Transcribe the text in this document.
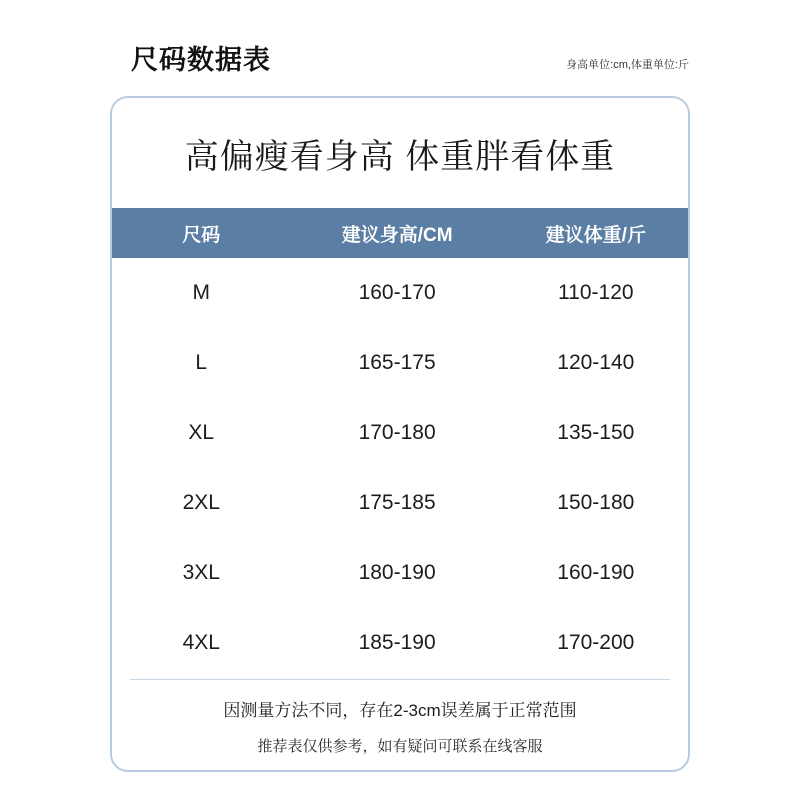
尺码数据表	身高单位:cm,体重单位:斤
高偏瘦看身高 体重胖看体重
尺码	建议身高/CM	建议体重/斤
M	160-170	110-120
L	165-175	120-140
XL	170-180	135-150
2XL	175-185	150-180
3XL	180-190	160-190
4XL	185-190	170-200
因测量方法不同，存在2-3cm误差属于正常范围
推荐表仅供参考，如有疑问可联系在线客服
